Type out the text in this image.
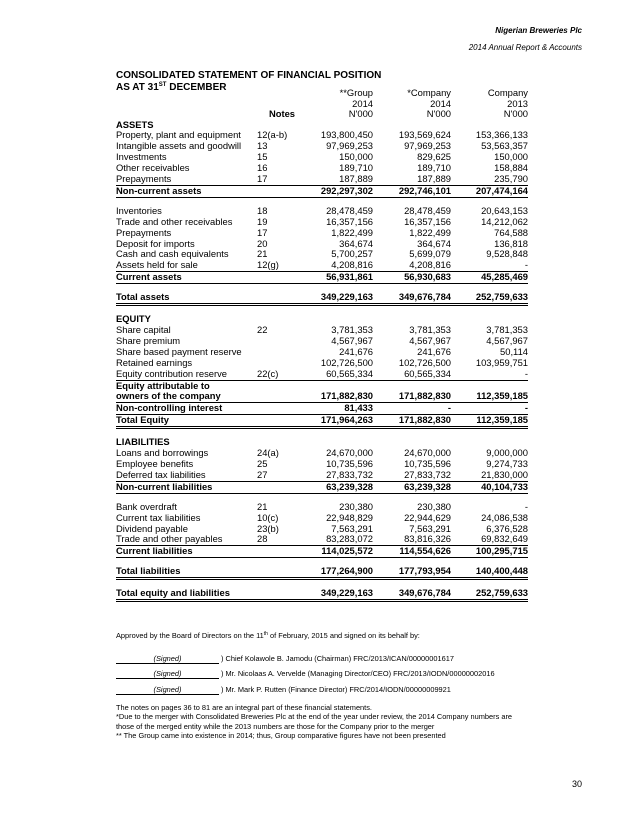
Nigerian Breweries Plc
2014 Annual Report & Accounts
CONSOLIDATED STATEMENT OF FINANCIAL POSITION
AS AT 31ST DECEMBER
			**Group	*Company	Company
		2014	2014	2013
	Notes	N'000	N'000	N'000
ASSETS				
Property, plant and equipment	12(a-b)	193,800,450	193,569,624	153,366,133
Intangible assets and goodwill	13	97,969,253	97,969,253	53,563,357
Investments	15	150,000	829,625	150,000
Other receivables	16	189,710	189,710	158,884
Prepayments	17	187,889	187,889	235,790
Non-current assets		292,297,302	292,746,101	207,474,164

Inventories	18	28,478,459	28,478,459	20,643,153
Trade and other receivables	19	16,357,156	16,357,156	14,212,062
Prepayments	17	1,822,499	1,822,499	764,588
Deposit for imports	20	364,674	364,674	136,818
Cash and cash equivalents	21	5,700,257	5,699,079	9,528,848
Assets held for sale	12(g)	4,208,816	4,208,816	-
Current assets		56,931,861	56,930,683	45,285,469

Total assets		349,229,163	349,676,784	252,759,633

EQUITY				
Share capital	22	3,781,353	3,781,353	3,781,353
Share premium		4,567,967	4,567,967	4,567,967
Share based payment reserve		241,676	241,676	50,114
Retained earnings		102,726,500	102,726,500	103,959,751
Equity contribution reserve	22(c)	60,565,334	60,565,334	-
Equity attributable to				
owners of the company		171,882,830	171,882,830	112,359,185
Non-controlling interest		81,433	-	-
Total Equity		171,964,263	171,882,830	112,359,185

LIABILITIES				
Loans and borrowings	24(a)	24,670,000	24,670,000	9,000,000
Employee benefits	25	10,735,596	10,735,596	9,274,733
Deferred tax liabilities	27	27,833,732	27,833,732	21,830,000
Non-current liabilities		63,239,328	63,239,328	40,104,733

Bank overdraft	21	230,380	230,380	-
Current tax liabilities	10(c)	22,948,829	22,944,629	24,086,538
Dividend payable	23(b)	7,563,291	7,563,291	6,376,528
Trade and other payables	28	83,283,072	83,816,326	69,832,649
Current liabilities		114,025,572	114,554,626	100,295,715

Total liabilities		177,264,900	177,793,954	140,400,448

Total equity and liabilities		349,229,163	349,676,784	252,759,633
Approved by the Board of Directors on the 11th of February, 2015 and signed on its behalf by:
(Signed)	) Chief Kolawole B. Jamodu (Chairman) FRC/2013/ICAN/00000001617
(Signed)	) Mr. Nicolaas A. Vervelde (Managing Director/CEO) FRC/2013/IODN/00000002016
(Signed)	) Mr. Mark P. Rutten (Finance Director) FRC/2014/IODN/00000009921
The notes on pages 36 to 81 are an integral part of these financial statements.
*Due to the merger with Consolidated Breweries Plc at the end of the year under review, the 2014 Company numbers are those of the merged entity while the 2013 numbers are those for the Company prior to the merger
** The Group came into existence in 2014; thus, Group comparative figures have not been presented
30
